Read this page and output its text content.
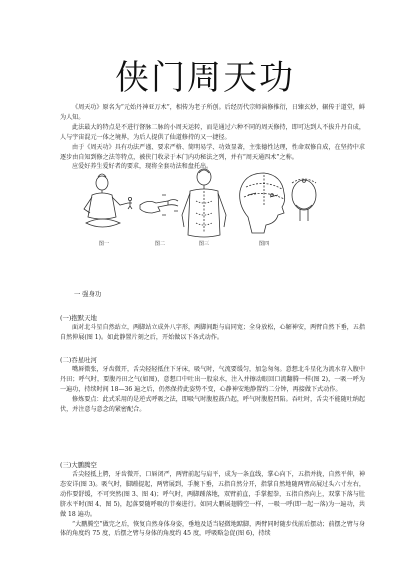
侠门周天功

《周天功》原名为“元始丹神亚万术”，相传为老子所创。后经历代宗师演修推衍，日臻玄妙，辗传于道堂，鲜为人知。

此法最大的特点是不进行督脉二脉的小周天运转，而是通过六种不同的周天修持，即可达到人不拔升丹自成，人与宇宙混元一体之境界，为后人提供了仙道修持的又一捷径。

由于《周天功》具有功法严谨、要求严格、简明易学、功效显著，主张德性达理，性命双修自成，在坚持中求逐步由自知到修之法等特点，被侠门收录于本门内功秘法之列，并有“周天通四术”之称。

应爱好养生爱好者的要求，现将全套功法和盘托出。

图一	图二	图三	图四
一 强身功
(一)抱默天地

面对北斗星自然站立，两脚站立成外八字形，两脚间距与肩同宽；全身放松，心解神安，两臂自然下垂，五指自然伸展(图 1)。如此静置片刻之后，开始做以下各式动作。

(二)吞星吐河

嘴唇微张，牙齿微开，舌尖轻轻抵住下牙床，吸气时，气流要缓匀，加急匆匆。意想北斗星化为流水存入腹中丹田；呼气时，要腹丹田之气(如图)，意想口中吐出一股泉水，注入并擦动眼回口流翻腾一样(图 2)，一吸一呼为一遍功，持续时间 18—36 遍之后，仍然保持此姿势不变，心静神安地静置约二分钟，再接做下式动作。

修炼要点：此式采用的是逆式呼吸之法，即吸气时腹腔鼓凸起，呼气时腹腔凹陷。吞吐时，舌尖不能随吐纳起伏，并注意与意念的紧密配合。

(三)大鹏腾空

舌尖轻抵上腭，牙齿微开，口唇闭严，两臂前起与肩平，成为一条直线，掌心向下，五指并拢，自然平伸，神态安详(图 3)。吸气时，脚踵提起，两臂展到，手腕下垂，五指自然分开，指掌自然地随两臂高展过头六寸左右，动作要舒缓，不可突然(图 3、图 4)；呼气时，两脚踵落地，双臂前直，手掌握拳，五指自然向上，双掌下落与肚脐水平时(图 4、图 5)，起落要随呼吸的节奏进行。如同大鹏展翅腾空一样，一吸一呼(即一起一落)为一遍功，共做 18 遍功。

“大鹏腾空”做完之后，恢复自然身体身姿，垂地及适当轻微地踮脚，两臂同时随步伐前后摆动；前摆之臂与身体的角度约 75 度，后摆之臂与身体的角度约 45 度，呼吸略急促(图 6)，持续
